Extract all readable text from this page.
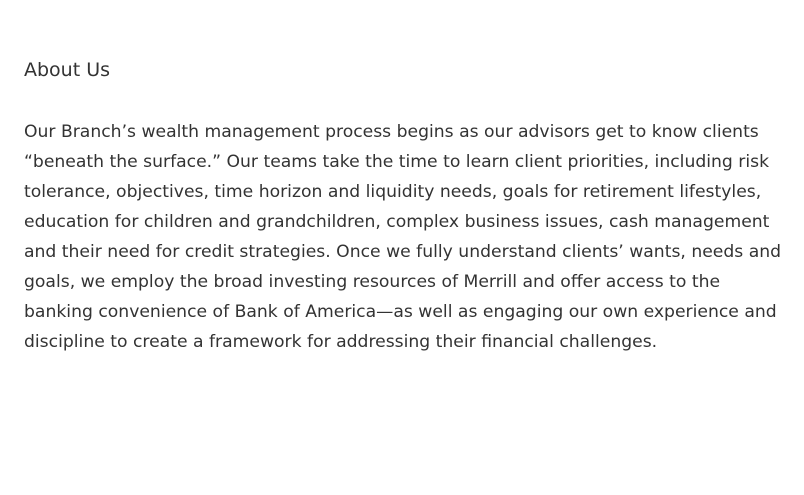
About Us

Our Branch’s wealth management process begins as our advisors get to know clients “beneath the surface.” Our teams take the time to learn client priorities, including risk tolerance, objectives, time horizon and liquidity needs, goals for retirement lifestyles, education for children and grandchildren, complex business issues, cash management and their need for credit strategies. Once we fully understand clients’ wants, needs and goals, we employ the broad investing resources of Merrill and offer access to the banking convenience of Bank of America—as well as engaging our own experience and discipline to create a framework for addressing their financial challenges.
